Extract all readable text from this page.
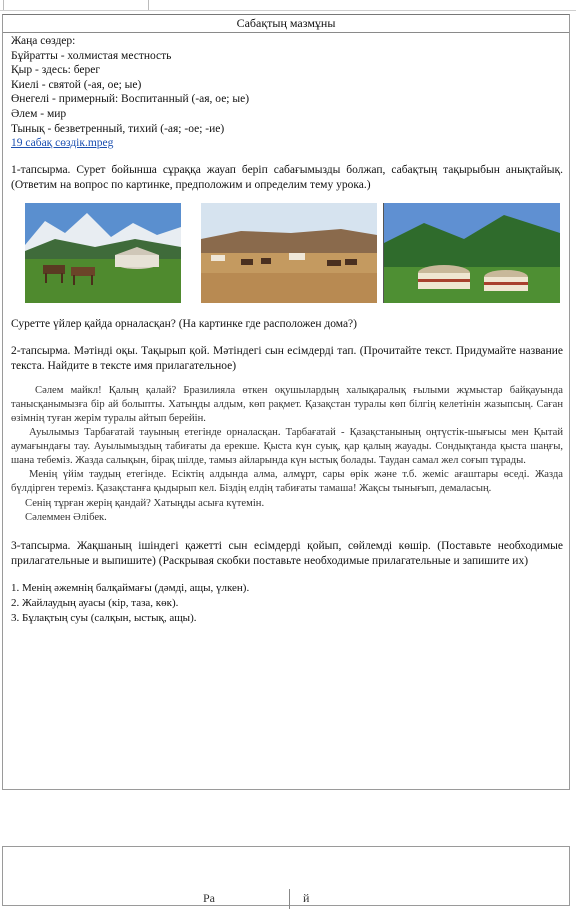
Сабақтың мазмұны
Жаңа сөздер:
Бұйратты - холмистая местность
Қыр - здесь: берег
Киелі - святой (-ая, ое; ые)
Өнегелі - примерный: Воспитанный (-ая, ое; ые)
Әлем - мир
Тынық - безветренный, тихий (-ая; -ое; -ие)
19 сабақ сөздік.mpeg

1-тапсырма. Сурет бойынша сұраққа жауап беріп сабағымызды болжап, сабақтың тақырыбын анықтайық. (Ответим на вопрос по картинке, предположим и определим тему урока.)

Суретте үйлер қайда орналасқан? (На картинке где расположен дома?)

2-тапсырма. Мәтінді оқы. Тақырып қой. Мәтіндегі сын есімдерді тап. (Прочитайте текст. Придумайте название текста. Найдите в тексте имя прилагательное)

Сәлем майкл! Қалың қалай? Бразилияла өткен оқушылардың халықаралық ғылыми жұмыстар байқауында танысқанымызға бір ай болыпты. Хатыңды алдым, көп рақмет. Қазақстан туралы көп білгің келетінін жазыпсың. Саған өзімнің туған жерім туралы айтып берейін.

Ауылымыз Тарбағатай тауының етегінде орналасқан. Тарбағатай - Қазақстанының оңтүстік-шығысы мен Қытай аумағындағы тау. Ауылымыздың табиғаты да ерекше. Қыста күн суық, қар қалың жауады. Сондықтанда қыста шаңғы, шана тебеміз. Жазда салықын, бірақ шілде, тамыз айларында күн ыстық болады. Таудан самал жел соғып тұрады.

Менің үйім таудың етегінде. Есіктің алдында алма, алмұрт, сары өрік және т.б. жеміс ағаштары өседі. Жазда бүлдірген тереміз. Қазақстанға қыдырып кел. Біздің елдің табиғаты тамаша! Жақсы тынығып, демаласың.

Сенің тұрған жерің қандай? Хатыңды асыға күтемін.

Сәлеммен Әлібек.

3-тапсырма. Жақшаның ішіндегі қажетті сын есімдерді қойып, сөйлемді көшір. (Поставьте необходимые прилагательные и выпишите) (Раскрывая скобки поставьте необходимые прилагательные и запишите их)

1. Менің әжемнің балқаймағы (дәмді, ащы, үлкен).
2. Жайлаудың ауасы (кір, таза, көк).
3. Бұлақтың суы (салқын, ыстық, ащы).
Ра	й
